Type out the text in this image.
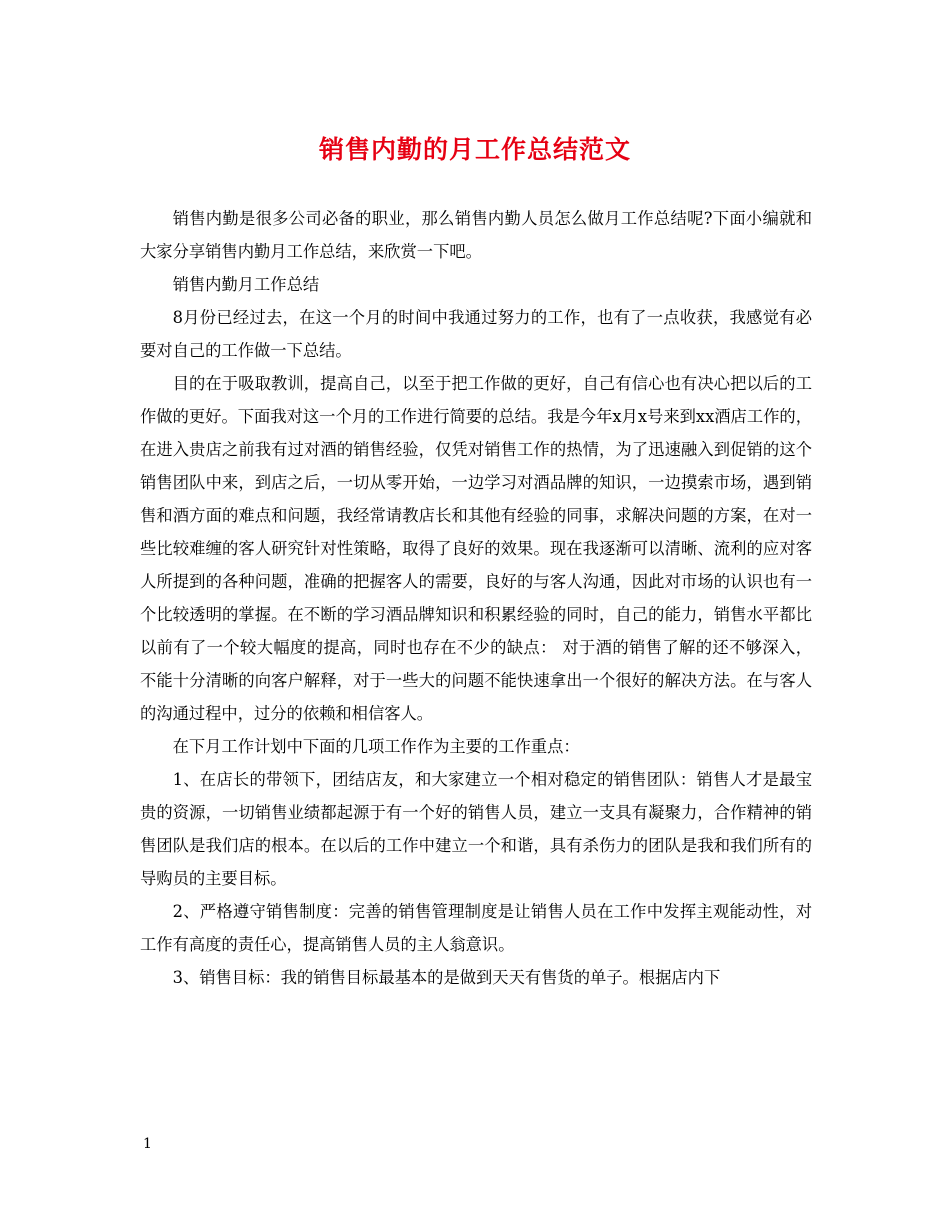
销售内勤的月工作总结范文

销售内勤是很多公司必备的职业，那么销售内勤人员怎么做月工作总结呢?下面小编就和大家分享销售内勤月工作总结，来欣赏一下吧。

销售内勤月工作总结

8月份已经过去，在这一个月的时间中我通过努力的工作，也有了一点收获，我感觉有必要对自己的工作做一下总结。

目的在于吸取教训，提高自己，以至于把工作做的更好，自己有信心也有决心把以后的工作做的更好。下面我对这一个月的工作进行简要的总结。我是今年x月x号来到xx酒店工作的，在进入贵店之前我有过对酒的销售经验，仅凭对销售工作的热情，为了迅速融入到促销的这个销售团队中来，到店之后，一切从零开始，一边学习对酒品牌的知识，一边摸索市场，遇到销售和酒方面的难点和问题，我经常请教店长和其他有经验的同事，求解决问题的方案，在对一些比较难缠的客人研究针对性策略，取得了良好的效果。现在我逐渐可以清晰、流利的应对客人所提到的各种问题，准确的把握客人的需要，良好的与客人沟通，因此对市场的认识也有一个比较透明的掌握。在不断的学习酒品牌知识和积累经验的同时，自己的能力，销售水平都比以前有了一个较大幅度的提高，同时也存在不少的缺点： 对于酒的销售了解的还不够深入，不能十分清晰的向客户解释，对于一些大的问题不能快速拿出一个很好的解决方法。在与客人的沟通过程中，过分的依赖和相信客人。

在下月工作计划中下面的几项工作作为主要的工作重点：

1、在店长的带领下，团结店友，和大家建立一个相对稳定的销售团队：销售人才是最宝贵的资源，一切销售业绩都起源于有一个好的销售人员，建立一支具有凝聚力，合作精神的销售团队是我们店的根本。在以后的工作中建立一个和谐，具有杀伤力的团队是我和我们所有的导购员的主要目标。

2、严格遵守销售制度：完善的销售管理制度是让销售人员在工作中发挥主观能动性，对工作有高度的责任心，提高销售人员的主人翁意识。

3、销售目标：我的销售目标最基本的是做到天天有售货的单子。根据店内下

1
